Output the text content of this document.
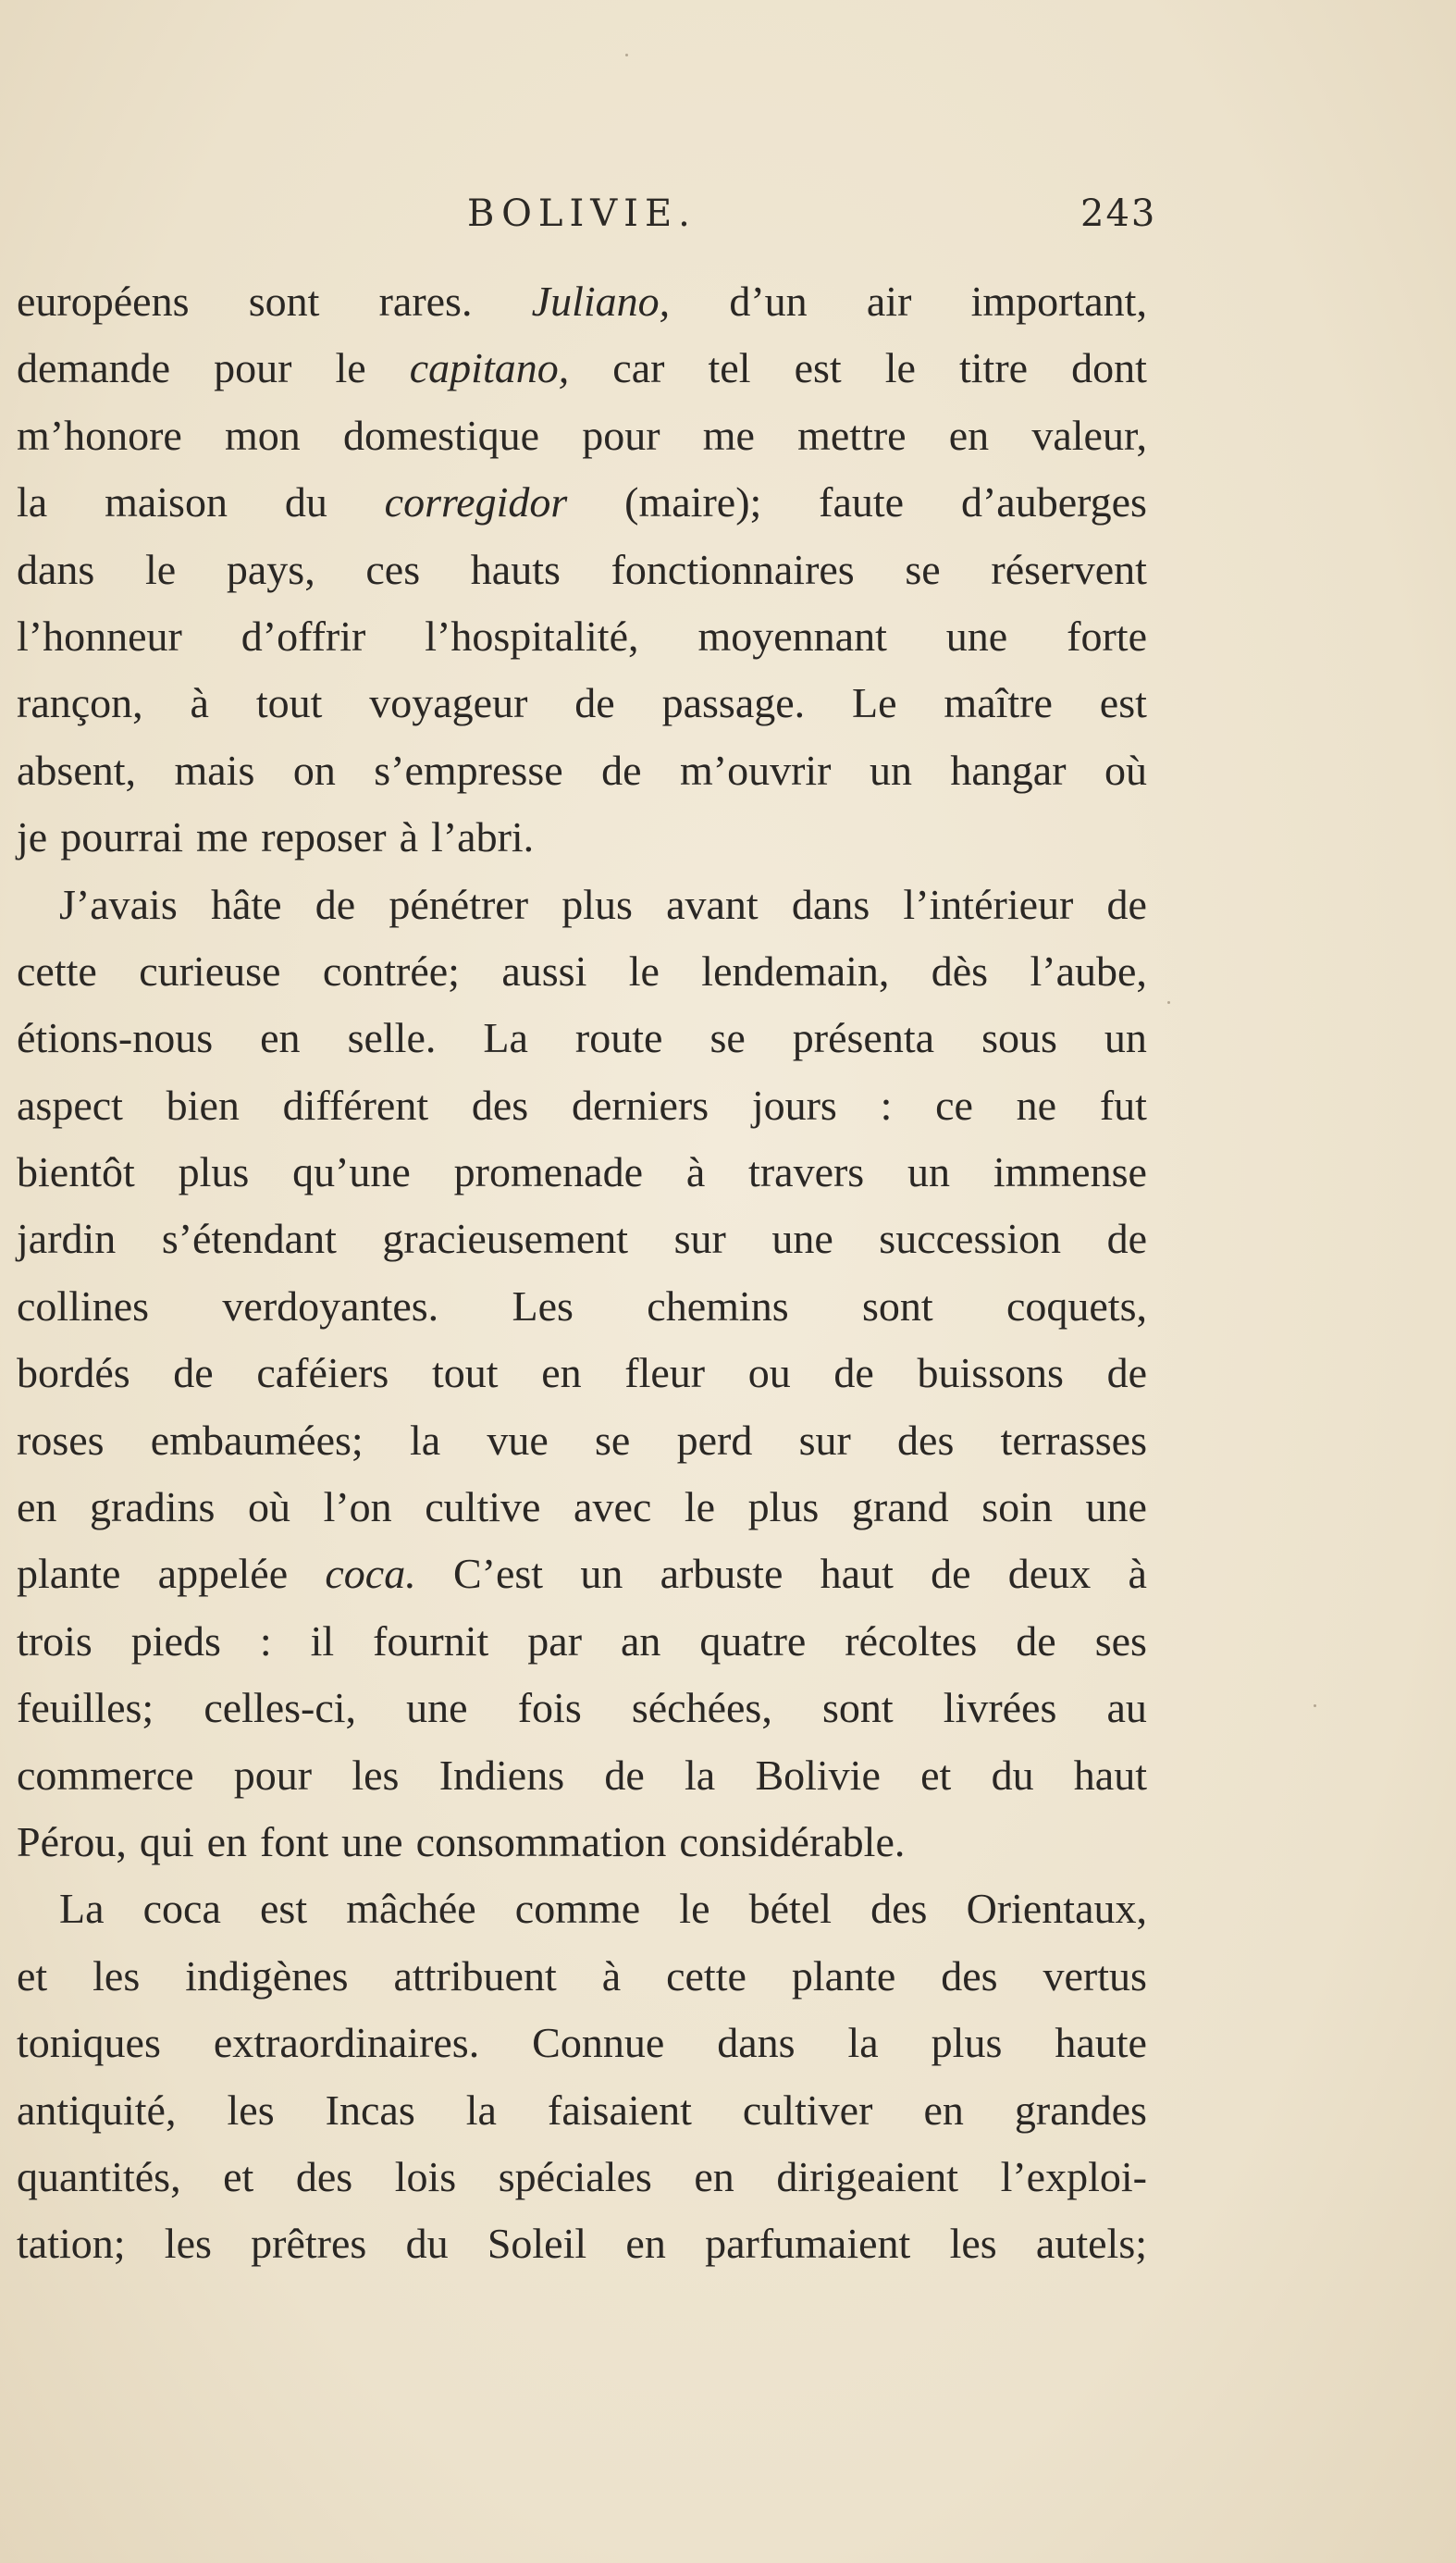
BOLIVIE.	243
européens sont rares. Juliano, d’un air important,
demande pour le capitano, car tel est le titre dont
m’honore mon domestique pour me mettre en valeur,
la maison du corregidor (maire); faute d’auberges
dans le pays, ces hauts fonctionnaires se réservent
l’honneur d’offrir l’hospitalité, moyennant une forte
rançon, à tout voyageur de passage. Le maître est
absent, mais on s’empresse de m’ouvrir un hangar où
je pourrai me reposer à l’abri.
J’avais hâte de pénétrer plus avant dans l’intérieur de
cette curieuse contrée; aussi le lendemain, dès l’aube,
étions-nous en selle. La route se présenta sous un
aspect bien différent des derniers jours : ce ne fut
bientôt plus qu’une promenade à travers un immense
jardin s’étendant gracieusement sur une succession de
collines verdoyantes. Les chemins sont coquets,
bordés de caféiers tout en fleur ou de buissons de
roses embaumées; la vue se perd sur des terrasses
en gradins où l’on cultive avec le plus grand soin une
plante appelée coca. C’est un arbuste haut de deux à
trois pieds : il fournit par an quatre récoltes de ses
feuilles; celles-ci, une fois séchées, sont livrées au
commerce pour les Indiens de la Bolivie et du haut
Pérou, qui en font une consommation considérable.
La coca est mâchée comme le bétel des Orientaux,
et les indigènes attribuent à cette plante des vertus
toniques extraordinaires. Connue dans la plus haute
antiquité, les Incas la faisaient cultiver en grandes
quantités, et des lois spéciales en dirigeaient l’exploi-
tation; les prêtres du Soleil en parfumaient les autels;
